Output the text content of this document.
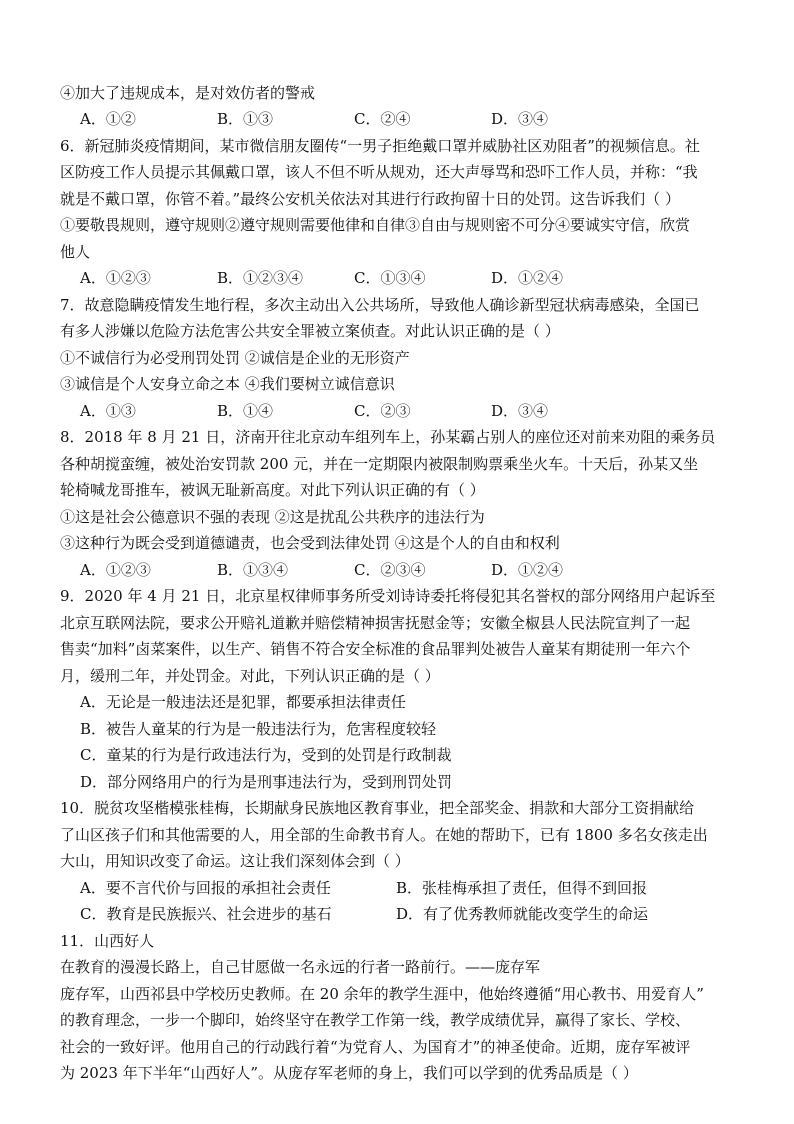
④加大了违规成本，是对效仿者的警戒
A．①②	B．①③	C．②④	D．③④
6．新冠肺炎疫情期间，某市微信朋友圈传“一男子拒绝戴口罩并威胁社区劝阻者”的视频信息。社
区防疫工作人员提示其佩戴口罩，该人不但不听从规劝，还大声辱骂和恐吓工作人员，并称：“我
就是不戴口罩，你管不着。”最终公安机关依法对其进行行政拘留十日的处罚。这告诉我们（ ）
①要敬畏规则，遵守规则②遵守规则需要他律和自律③自由与规则密不可分④要诚实守信，欣赏
他人
A．①②③	B．①②③④	C．①③④	D．①②④
7．故意隐瞒疫情发生地行程，多次主动出入公共场所，导致他人确诊新型冠状病毒感染，全国已
有多人涉嫌以危险方法危害公共安全罪被立案侦查。对此认识正确的是（ ）
①不诚信行为必受刑罚处罚 ②诚信是企业的无形资产
③诚信是个人安身立命之本 ④我们要树立诚信意识
A．①③	B．①④	C．②③	D．③④
8．2018 年 8 月 21 日，济南开往北京动车组列车上，孙某霸占别人的座位还对前来劝阻的乘务员
各种胡搅蛮缠，被处治安罚款 200 元，并在一定期限内被限制购票乘坐火车。十天后，孙某又坐
轮椅喊龙哥推车，被讽无耻新高度。对此下列认识正确的有（ ）
①这是社会公德意识不强的表现 ②这是扰乱公共秩序的违法行为
③这种行为既会受到道德谴责，也会受到法律处罚 ④这是个人的自由和权利
A．①②③	B．①③④	C．②③④	D．①②④
9．2020 年 4 月 21 日，北京星权律师事务所受刘诗诗委托将侵犯其名誉权的部分网络用户起诉至
北京互联网法院，要求公开赔礼道歉并赔偿精神损害抚慰金等；安徽全椒县人民法院宣判了一起
售卖“加料”卤菜案件，以生产、销售不符合安全标准的食品罪判处被告人童某有期徒刑一年六个
月，缓刑二年，并处罚金。对此，下列认识正确的是（ ）
A．无论是一般违法还是犯罪，都要承担法律责任
B．被告人童某的行为是一般违法行为，危害程度较轻
C．童某的行为是行政违法行为，受到的处罚是行政制裁
D．部分网络用户的行为是刑事违法行为，受到刑罚处罚
10．脱贫攻坚楷模张桂梅，长期献身民族地区教育事业，把全部奖金、捐款和大部分工资捐献给
了山区孩子们和其他需要的人，用全部的生命教书育人。在她的帮助下，已有 1800 多名女孩走出
大山，用知识改变了命运。这让我们深刻体会到（ ）
A．要不言代价与回报的承担社会责任	B．张桂梅承担了责任，但得不到回报
C．教育是民族振兴、社会进步的基石	D．有了优秀教师就能改变学生的命运
11．山西好人
在教育的漫漫长路上，自己甘愿做一名永远的行者一路前行。——庞存军
庞存军，山西祁县中学校历史教师。在 20 余年的教学生涯中，他始终遵循“用心教书、用爱育人”
的教育理念，一步一个脚印，始终坚守在教学工作第一线，教学成绩优异，赢得了家长、学校、
社会的一致好评。他用自己的行动践行着“为党育人、为国育才”的神圣使命。近期，庞存军被评
为 2023 年下半年“山西好人”。从庞存军老师的身上，我们可以学到的优秀品质是（ ）
